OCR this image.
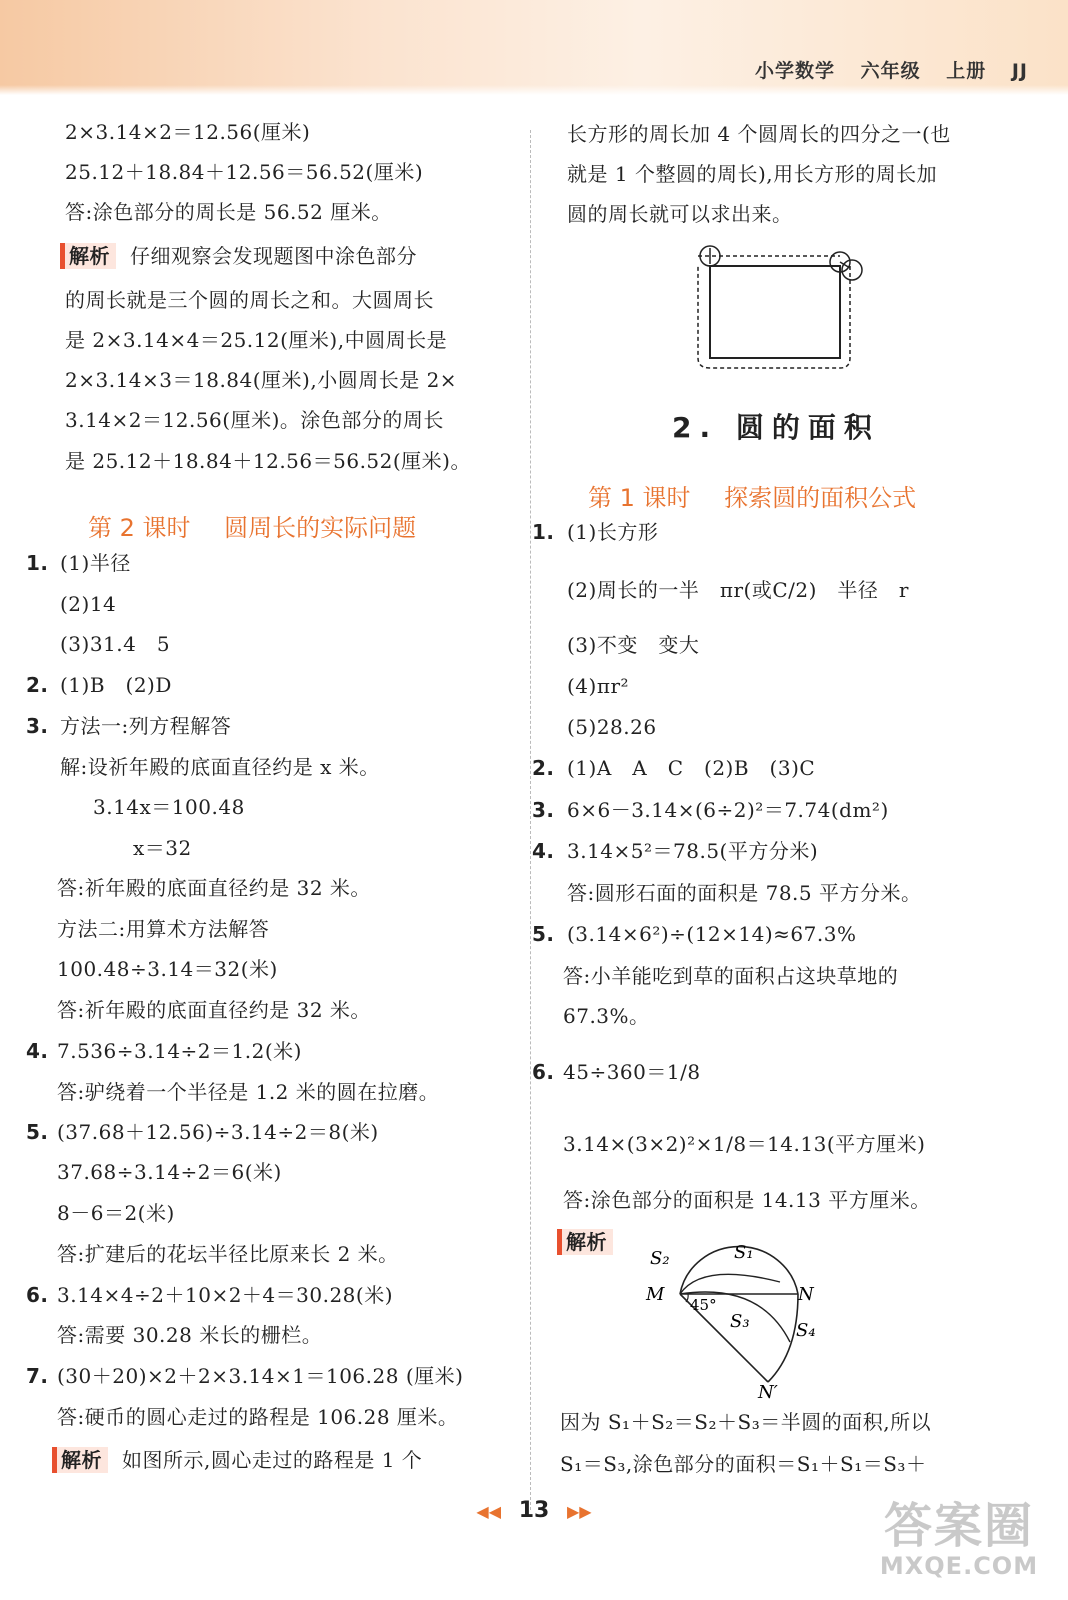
小学数学 六年级 上册 JJ
2×3.14×2＝12.56(厘米)
25.12＋18.84＋12.56＝56.52(厘米)
答:涂色部分的周长是 56.52 厘米。
解析 仔细观察会发现题图中涂色部分
的周长就是三个圆的周长之和。大圆周长
是 2×3.14×4＝25.12(厘米),中圆周长是
2×3.14×3＝18.84(厘米),小圆周长是 2×
3.14×2＝12.56(厘米)。涂色部分的周长
是 25.12＋18.84＋12.56＝56.52(厘米)。
1. (1)半径
(2)14
(3)31.4　5
2. (1)B　(2)D
3. 方法一:列方程解答
解:设祈年殿的底面直径约是 x 米。
3.14x＝100.48
x＝32
答:祈年殿的底面直径约是 32 米。
方法二:用算术方法解答
100.48÷3.14＝32(米)
答:祈年殿的底面直径约是 32 米。
4. 7.536÷3.14÷2＝1.2(米)
答:驴绕着一个半径是 1.2 米的圆在拉磨。
5. (37.68＋12.56)÷3.14÷2＝8(米)
37.68÷3.14÷2＝6(米)
8－6＝2(米)
答:扩建后的花坛半径比原来长 2 米。
6. 3.14×4÷2＋10×2＋4＝30.28(米)
答:需要 30.28 米长的栅栏。
7. (30＋20)×2＋2×3.14×1＝106.28 (厘米)
答:硬币的圆心走过的路程是 106.28 厘米。
解析 如图所示,圆心走过的路程是 1 个
第 2 课时 圆周长的实际问题	1. (1)长方形
(2)周长的一半　πr(或C/2)　半径　r
(3)不变　变大
(4)πr²
(5)28.26
2. (1)A　A　C　(2)B　(3)C
3. 6×6－3.14×(6÷2)²＝7.74(dm²)
4. 3.14×5²＝78.5(平方分米)
答:圆形石面的面积是 78.5 平方分米。
5. (3.14×6²)÷(12×14)≈67.3%
答:小羊能吃到草的面积占这块草地的
67.3%。
6. 45÷360＝1/8
3.14×(3×2)²×1/8＝14.13(平方厘米)
答:涂色部分的面积是 14.13 平方厘米。
解析
因为 S₁＋S₂＝S₂＋S₃＝半圆的面积,所以
S₁＝S₃,涂色部分的面积＝S₁＋S₁＝S₃＋
长方形的周长加 4 个圆周长的四分之一(也
就是 1 个整圆的周长),用长方形的周长加
圆的周长就可以求出来。
2. 圆的面积
第 1 课时 探索圆的面积公式
S₁
S₂
S₃	S₄
M	N
N′
45°
◀◀ 13 ▶▶	答案圈
MXQE.COM
